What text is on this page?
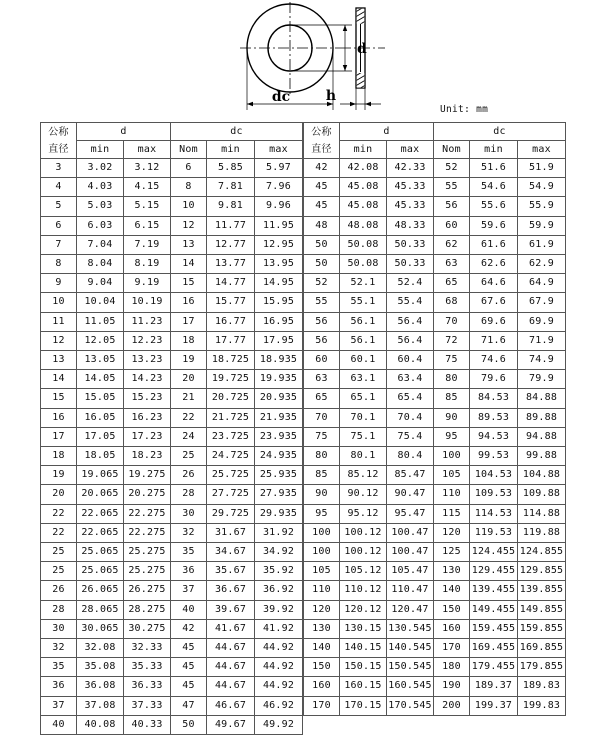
d
dc	h
Unit: mm
公称
直径	d		dc		
	min	max	Nom	min	max
3	3.02	3.12	6	5.85	5.97
4	4.03	4.15	8	7.81	7.96
5	5.03	5.15	10	9.81	9.96
6	6.03	6.15	12	11.77	11.95
7	7.04	7.19	13	12.77	12.95
8	8.04	8.19	14	13.77	13.95
9	9.04	9.19	15	14.77	14.95
10	10.04	10.19	16	15.77	15.95
11	11.05	11.23	17	16.77	16.95
12	12.05	12.23	18	17.77	17.95
13	13.05	13.23	19	18.725	18.935
14	14.05	14.23	20	19.725	19.935
15	15.05	15.23	21	20.725	20.935
16	16.05	16.23	22	21.725	21.935
17	17.05	17.23	24	23.725	23.935
18	18.05	18.23	25	24.725	24.935
19	19.065	19.275	26	25.725	25.935
20	20.065	20.275	28	27.725	27.935
22	22.065	22.275	30	29.725	29.935
22	22.065	22.275	32	31.67	31.92
25	25.065	25.275	35	34.67	34.92
25	25.065	25.275	36	35.67	35.92
26	26.065	26.275	37	36.67	36.92
28	28.065	28.275	40	39.67	39.92
30	30.065	30.275	42	41.67	41.92
32	32.08	32.33	45	44.67	44.92
35	35.08	35.33	45	44.67	44.92
36	36.08	36.33	45	44.67	44.92
37	37.08	37.33	47	46.67	46.92
40	40.08	40.33	50	49.67	49.92
公称
直径	d		dc		
	min	max	Nom	min	max
42	42.08	42.33	52	51.6	51.9
45	45.08	45.33	55	54.6	54.9
45	45.08	45.33	56	55.6	55.9
48	48.08	48.33	60	59.6	59.9
50	50.08	50.33	62	61.6	61.9
50	50.08	50.33	63	62.6	62.9
52	52.1	52.4	65	64.6	64.9
55	55.1	55.4	68	67.6	67.9
56	56.1	56.4	70	69.6	69.9
56	56.1	56.4	72	71.6	71.9
60	60.1	60.4	75	74.6	74.9
63	63.1	63.4	80	79.6	79.9
65	65.1	65.4	85	84.53	84.88
70	70.1	70.4	90	89.53	89.88
75	75.1	75.4	95	94.53	94.88
80	80.1	80.4	100	99.53	99.88
85	85.12	85.47	105	104.53	104.88
90	90.12	90.47	110	109.53	109.88
95	95.12	95.47	115	114.53	114.88
100	100.12	100.47	120	119.53	119.88
100	100.12	100.47	125	124.455	124.855
105	105.12	105.47	130	129.455	129.855
110	110.12	110.47	140	139.455	139.855
120	120.12	120.47	150	149.455	149.855
130	130.15	130.545	160	159.455	159.855
140	140.15	140.545	170	169.455	169.855
150	150.15	150.545	180	179.455	179.855
160	160.15	160.545	190	189.37	189.83
170	170.15	170.545	200	199.37	199.83
